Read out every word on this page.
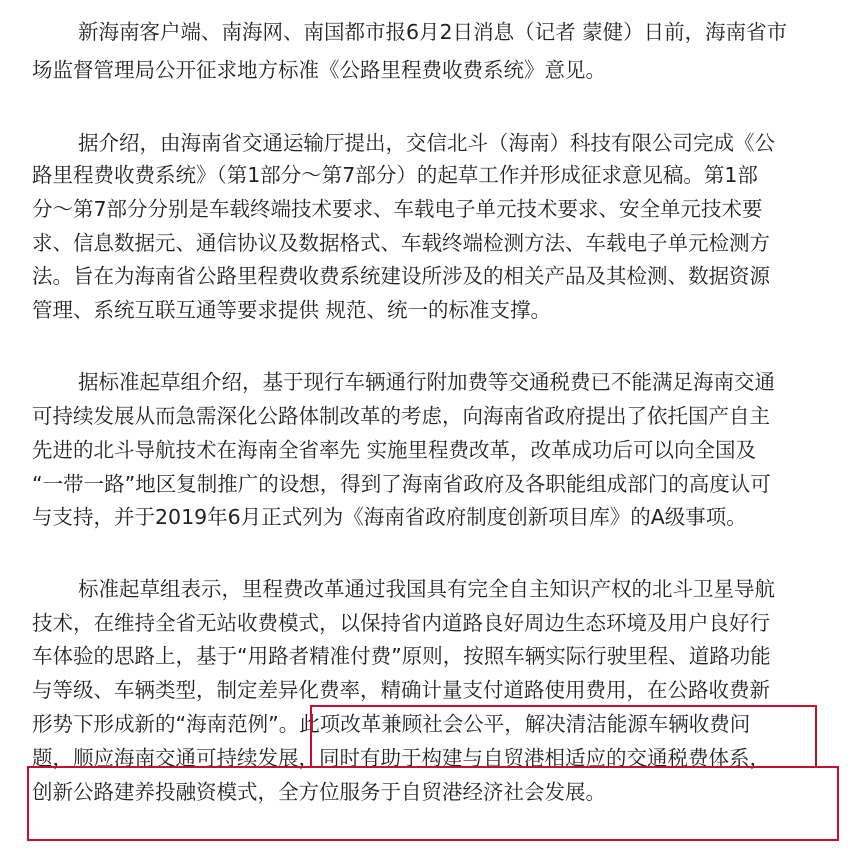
新海南客户端、南海网、南国都市报6月2日消息（记者 蒙健）日前，海南省市
场监督管理局公开征求地方标准《公路里程费收费系统》意见。
据介绍，由海南省交通运输厅提出，交信北斗（海南）科技有限公司完成《公
路里程费收费系统》（第1部分～第7部分）的起草工作并形成征求意见稿。第1部
分～第7部分分别是车载终端技术要求、车载电子单元技术要求、安全单元技术要
求、信息数据元、通信协议及数据格式、车载终端检测方法、车载电子单元检测方
法。旨在为海南省公路里程费收费系统建设所涉及的相关产品及其检测、数据资源
管理、系统互联互通等要求提供 规范、统一的标准支撑。
据标准起草组介绍，基于现行车辆通行附加费等交通税费已不能满足海南交通
可持续发展从而急需深化公路体制改革的考虑，向海南省政府提出了依托国产自主
先进的北斗导航技术在海南全省率先 实施里程费改革，改革成功后可以向全国及
“一带一路”地区复制推广的设想，得到了海南省政府及各职能组成部门的高度认可
与支持，并于2019年6月正式列为《海南省政府制度创新项目库》的A级事项。
标准起草组表示，里程费改革通过我国具有完全自主知识产权的北斗卫星导航
技术，在维持全省无站收费模式，以保持省内道路良好周边生态环境及用户良好行
车体验的思路上，基于“用路者精准付费”原则，按照车辆实际行驶里程、道路功能
与等级、车辆类型，制定差异化费率，精确计量支付道路使用费用，在公路收费新
形势下形成新的“海南范例”。此项改革兼顾社会公平，解决清洁能源车辆收费问
题，顺应海南交通可持续发展，同时有助于构建与自贸港相适应的交通税费体系，
创新公路建养投融资模式，全方位服务于自贸港经济社会发展。
